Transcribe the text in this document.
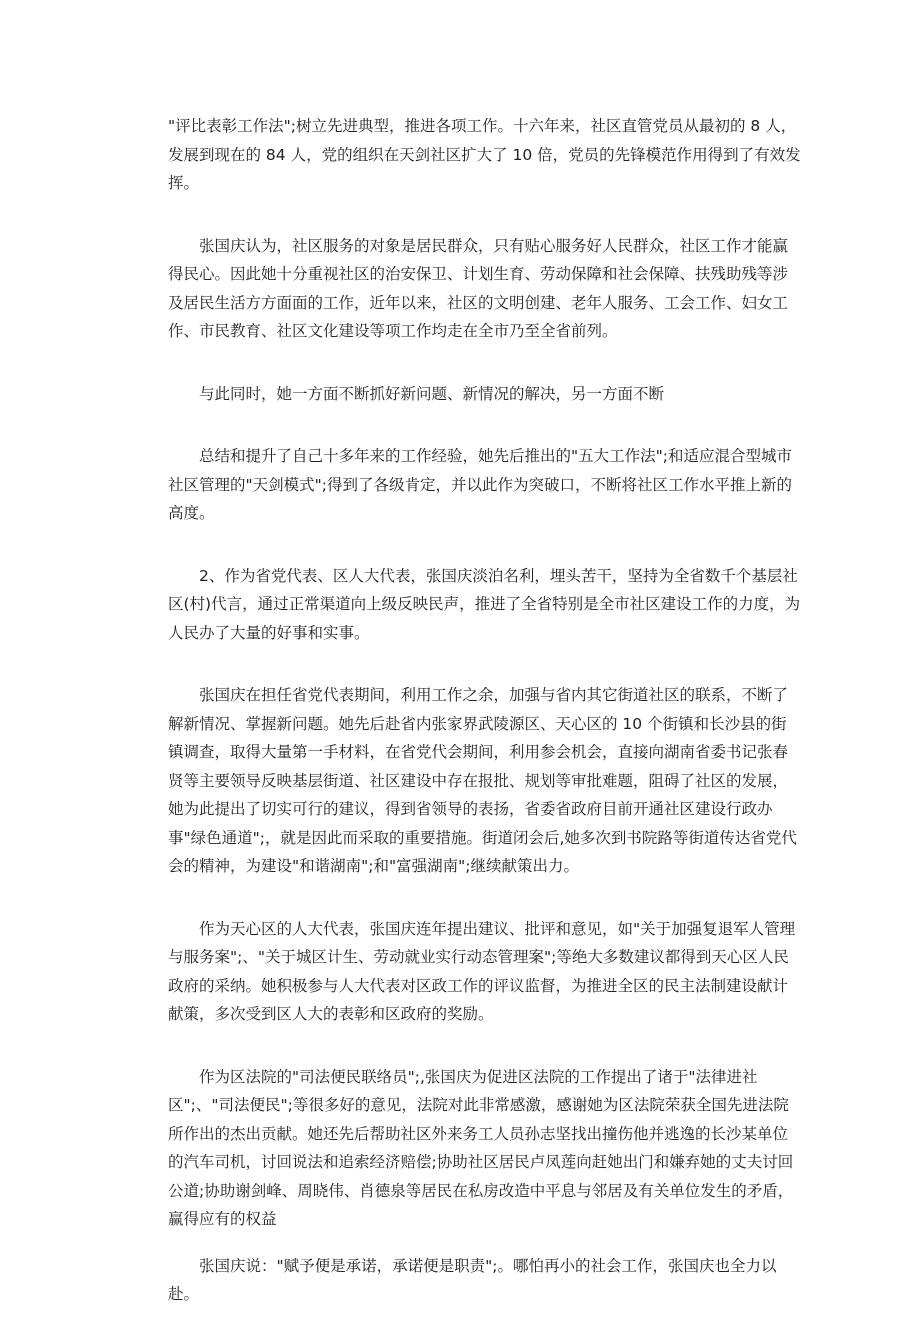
"评比表彰工作法";树立先进典型，推进各项工作。十六年来，社区直管党员从最初的 8 人，发展到现在的 84 人，党的组织在天剑社区扩大了 10 倍，党员的先锋模范作用得到了有效发挥。

张国庆认为，社区服务的对象是居民群众，只有贴心服务好人民群众，社区工作才能赢得民心。因此她十分重视社区的治安保卫、计划生育、劳动保障和社会保障、扶残助残等涉及居民生活方方面面的工作，近年以来，社区的文明创建、老年人服务、工会工作、妇女工作、市民教育、社区文化建设等项工作均走在全市乃至全省前列。

与此同时，她一方面不断抓好新问题、新情况的解决，另一方面不断

总结和提升了自己十多年来的工作经验，她先后推出的"五大工作法";和适应混合型城市社区管理的"天剑模式";得到了各级肯定，并以此作为突破口，不断将社区工作水平推上新的高度。

2、作为省党代表、区人大代表，张国庆淡泊名利，埋头苦干，坚持为全省数千个基层社区(村)代言，通过正常渠道向上级反映民声，推进了全省特别是全市社区建设工作的力度，为人民办了大量的好事和实事。

张国庆在担任省党代表期间，利用工作之余，加强与省内其它街道社区的联系，不断了解新情况、掌握新问题。她先后赴省内张家界武陵源区、天心区的 10 个街镇和长沙县的街镇调查，取得大量第一手材料，在省党代会期间，利用参会机会，直接向湖南省委书记张春贤等主要领导反映基层街道、社区建设中存在报批、规划等审批难题，阻碍了社区的发展，她为此提出了切实可行的建议，得到省领导的表扬，省委省政府目前开通社区建设行政办事"绿色通道";，就是因此而采取的重要措施。街道闭会后,她多次到书院路等街道传达省党代会的精神，为建设"和谐湖南";和"富强湖南";继续献策出力。

作为天心区的人大代表，张国庆连年提出建议、批评和意见，如"关于加强复退军人管理与服务案";、"关于城区计生、劳动就业实行动态管理案";等绝大多数建议都得到天心区人民政府的采纳。她积极参与人大代表对区政工作的评议监督，为推进全区的民主法制建设献计献策，多次受到区人大的表彰和区政府的奖励。

作为区法院的"司法便民联络员";,张国庆为促进区法院的工作提出了诸于"法律进社区";、"司法便民";等很多好的意见，法院对此非常感激，感谢她为区法院荣获全国先进法院所作出的杰出贡献。她还先后帮助社区外来务工人员孙志坚找出撞伤他并逃逸的长沙某单位的汽车司机，讨回说法和追索经济赔偿;协助社区居民卢凤莲向赶她出门和嫌弃她的丈夫讨回公道;协助谢剑峰、周晓伟、肖德泉等居民在私房改造中平息与邻居及有关单位发生的矛盾，赢得应有的权益

张国庆说："赋予便是承诺，承诺便是职责";。哪怕再小的社会工作，张国庆也全力以赴。
